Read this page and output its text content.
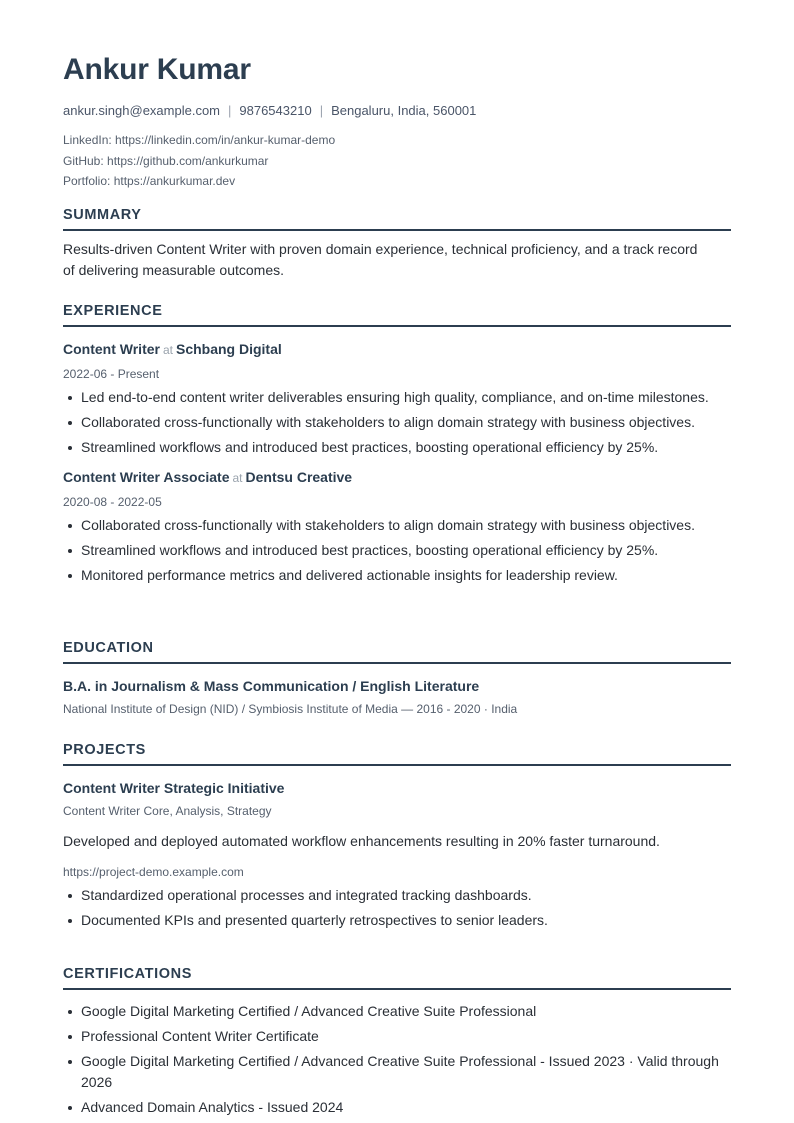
Ankur Kumar
ankur.singh@example.com | 9876543210 | Bengaluru, India, 560001
LinkedIn: https://linkedin.com/in/ankur-kumar-demo
GitHub: https://github.com/ankurkumar
Portfolio: https://ankurkumar.dev
SUMMARY
Results-driven Content Writer with proven domain experience, technical proficiency, and a track record
of delivering measurable outcomes.
EXPERIENCE
Content Writer at Schbang Digital
2022-06 - Present
Led end-to-end content writer deliverables ensuring high quality, compliance, and on-time milestones.
Collaborated cross-functionally with stakeholders to align domain strategy with business objectives.
Streamlined workflows and introduced best practices, boosting operational efficiency by 25%.
Content Writer Associate at Dentsu Creative
2020-08 - 2022-05
Collaborated cross-functionally with stakeholders to align domain strategy with business objectives.
Streamlined workflows and introduced best practices, boosting operational efficiency by 25%.
Monitored performance metrics and delivered actionable insights for leadership review.
EDUCATION
B.A. in Journalism & Mass Communication / English Literature
National Institute of Design (NID) / Symbiosis Institute of Media — 2016 - 2020 · India
PROJECTS
Content Writer Strategic Initiative
Content Writer Core, Analysis, Strategy
Developed and deployed automated workflow enhancements resulting in 20% faster turnaround.
https://project-demo.example.com
Standardized operational processes and integrated tracking dashboards.
Documented KPIs and presented quarterly retrospectives to senior leaders.
CERTIFICATIONS
Google Digital Marketing Certified / Advanced Creative Suite Professional
Professional Content Writer Certificate
Google Digital Marketing Certified / Advanced Creative Suite Professional - Issued 2023 · Valid through 2026
Advanced Domain Analytics - Issued 2024
